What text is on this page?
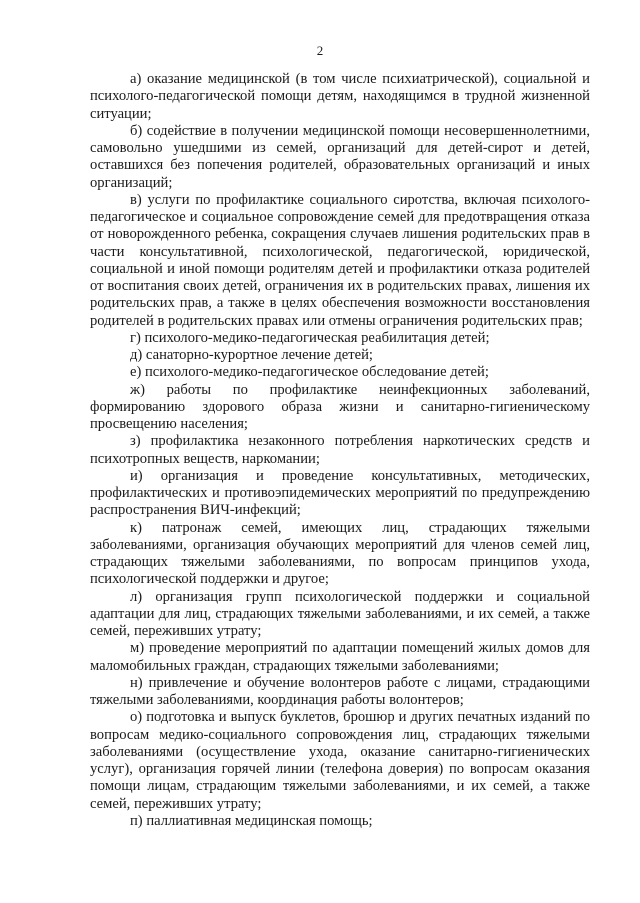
2

а) оказание медицинской (в том числе психиатрической), социальной и психолого-педагогической помощи детям, находящимся в трудной жизненной ситуации;

б) содействие в получении медицинской помощи несовершеннолетними, самовольно ушедшими из семей, организаций для детей-сирот и детей, оставшихся без попечения родителей, образовательных организаций и иных организаций;

в) услуги по профилактике социального сиротства, включая психолого-педагогическое и социальное сопровождение семей для предотвращения отказа от новорожденного ребенка, сокращения случаев лишения родительских прав в части консультативной, психологической, педагогической, юридической, социальной и иной помощи родителям детей и профилактики отказа родителей от воспитания своих детей, ограничения их в родительских правах, лишения их родительских прав, а также в целях обеспечения возможности восстановления родителей в родительских правах или отмены ограничения родительских прав;

г) психолого-медико-педагогическая реабилитация детей;

д) санаторно-курортное лечение детей;

е) психолого-медико-педагогическое обследование детей;

ж) работы по профилактике неинфекционных заболеваний, формированию здорового образа жизни и санитарно-гигиеническому просвещению населения;

з) профилактика незаконного потребления наркотических средств и психотропных веществ, наркомании;

и) организация и проведение консультативных, методических, профилактических и противоэпидемических мероприятий по предупреждению распространения ВИЧ-инфекций;

к) патронаж семей, имеющих лиц, страдающих тяжелыми заболеваниями, организация обучающих мероприятий для членов семей лиц, страдающих тяжелыми заболеваниями, по вопросам принципов ухода, психологической поддержки и другое;

л) организация групп психологической поддержки и социальной адаптации для лиц, страдающих тяжелыми заболеваниями, и их семей, а также семей, переживших утрату;

м) проведение мероприятий по адаптации помещений жилых домов для маломобильных граждан, страдающих тяжелыми заболеваниями;

н) привлечение и обучение волонтеров работе с лицами, страдающими тяжелыми заболеваниями, координация работы волонтеров;

о) подготовка и выпуск буклетов, брошюр и других печатных изданий по вопросам медико-социального сопровождения лиц, страдающих тяжелыми заболеваниями (осуществление ухода, оказание санитарно-гигиенических услуг), организация горячей линии (телефона доверия) по вопросам оказания помощи лицам, страдающим тяжелыми заболеваниями, и их семей, а также семей, переживших утрату;

п) паллиативная медицинская помощь;
